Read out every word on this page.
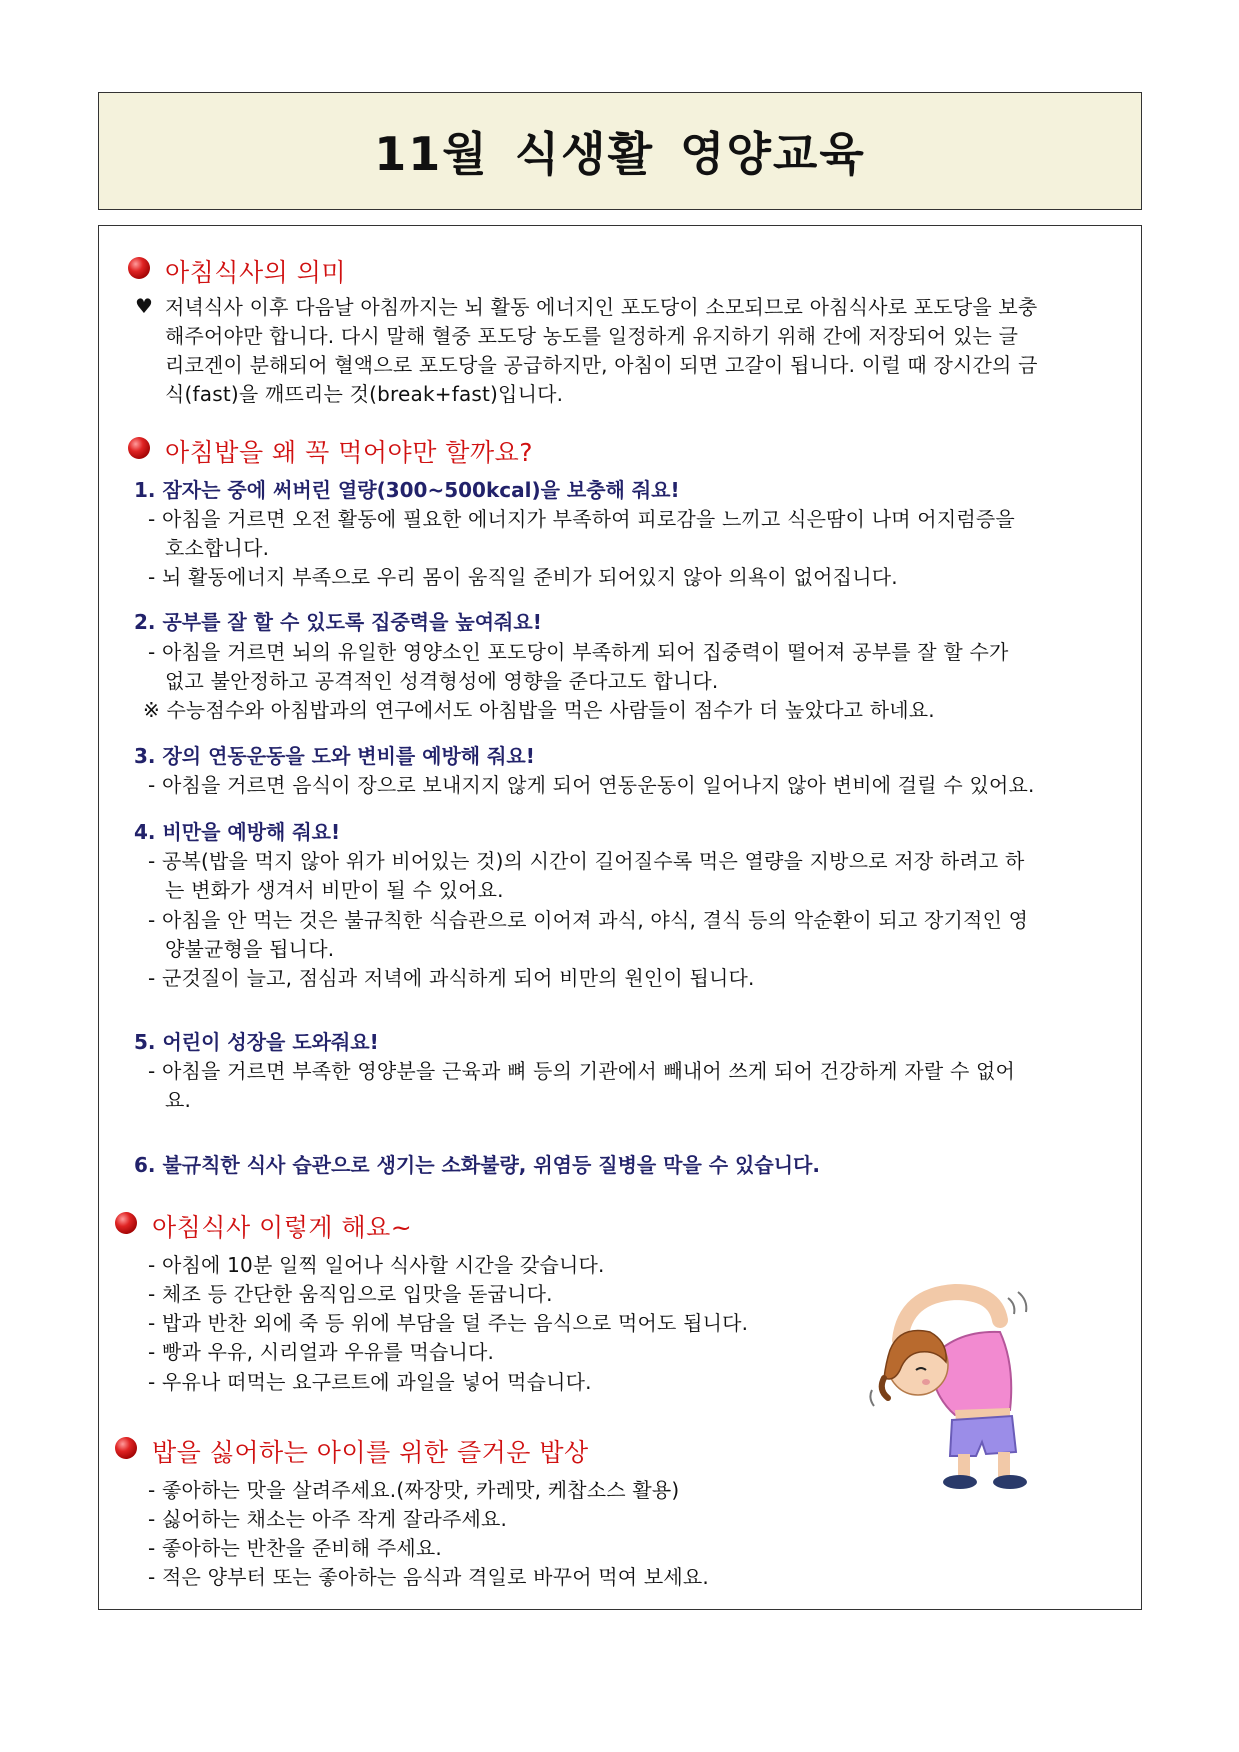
11월 식생활 영양교육
아침식사의 의미
♥ 저녁식사 이후 다음날 아침까지는 뇌 활동 에너지인 포도당이 소모되므로 아침식사로 포도당을 보충
해주어야만 합니다. 다시 말해 혈중 포도당 농도를 일정하게 유지하기 위해 간에 저장되어 있는 글
리코겐이 분해되어 혈액으로 포도당을 공급하지만, 아침이 되면 고갈이 됩니다. 이럴 때 장시간의 금
식(fast)을 깨뜨리는 것(break+fast)입니다.
아침밥을 왜 꼭 먹어야만 할까요?
1. 잠자는 중에 써버린 열량(300~500kcal)을 보충해 줘요!
- 아침을 거르면 오전 활동에 필요한 에너지가 부족하여 피로감을 느끼고 식은땀이 나며 어지럼증을
호소합니다.
- 뇌 활동에너지 부족으로 우리 몸이 움직일 준비가 되어있지 않아 의욕이 없어집니다.
2. 공부를 잘 할 수 있도록 집중력을 높여줘요!
- 아침을 거르면 뇌의 유일한 영양소인 포도당이 부족하게 되어 집중력이 떨어져 공부를 잘 할 수가
없고 불안정하고 공격적인 성격형성에 영향을 준다고도 합니다.
※ 수능점수와 아침밥과의 연구에서도 아침밥을 먹은 사람들이 점수가 더 높았다고 하네요.
3. 장의 연동운동을 도와 변비를 예방해 줘요!
- 아침을 거르면 음식이 장으로 보내지지 않게 되어 연동운동이 일어나지 않아 변비에 걸릴 수 있어요.
4. 비만을 예방해 줘요!
- 공복(밥을 먹지 않아 위가 비어있는 것)의 시간이 길어질수록 먹은 열량을 지방으로 저장 하려고 하
는 변화가 생겨서 비만이 될 수 있어요.
- 아침을 안 먹는 것은 불규칙한 식습관으로 이어져 과식, 야식, 결식 등의 악순환이 되고 장기적인 영
양불균형을 됩니다.
- 군것질이 늘고, 점심과 저녁에 과식하게 되어 비만의 원인이 됩니다.
5. 어린이 성장을 도와줘요!
- 아침을 거르면 부족한 영양분을 근육과 뼈 등의 기관에서 빼내어 쓰게 되어 건강하게 자랄 수 없어
요.
6. 불규칙한 식사 습관으로 생기는 소화불량, 위염등 질병을 막을 수 있습니다.
아침식사 이렇게 해요~
- 아침에 10분 일찍 일어나 식사할 시간을 갖습니다.
- 체조 등 간단한 움직임으로 입맛을 돋굽니다.
- 밥과 반찬 외에 죽 등 위에 부담을 덜 주는 음식으로 먹어도 됩니다.
- 빵과 우유, 시리얼과 우유를 먹습니다.
- 우유나 떠먹는 요구르트에 과일을 넣어 먹습니다.
밥을 싫어하는 아이를 위한 즐거운 밥상
- 좋아하는 맛을 살려주세요.(짜장맛, 카레맛, 케찹소스 활용)
- 싫어하는 채소는 아주 작게 잘라주세요.
- 좋아하는 반찬을 준비해 주세요.
- 적은 양부터 또는 좋아하는 음식과 격일로 바꾸어 먹여 보세요.
